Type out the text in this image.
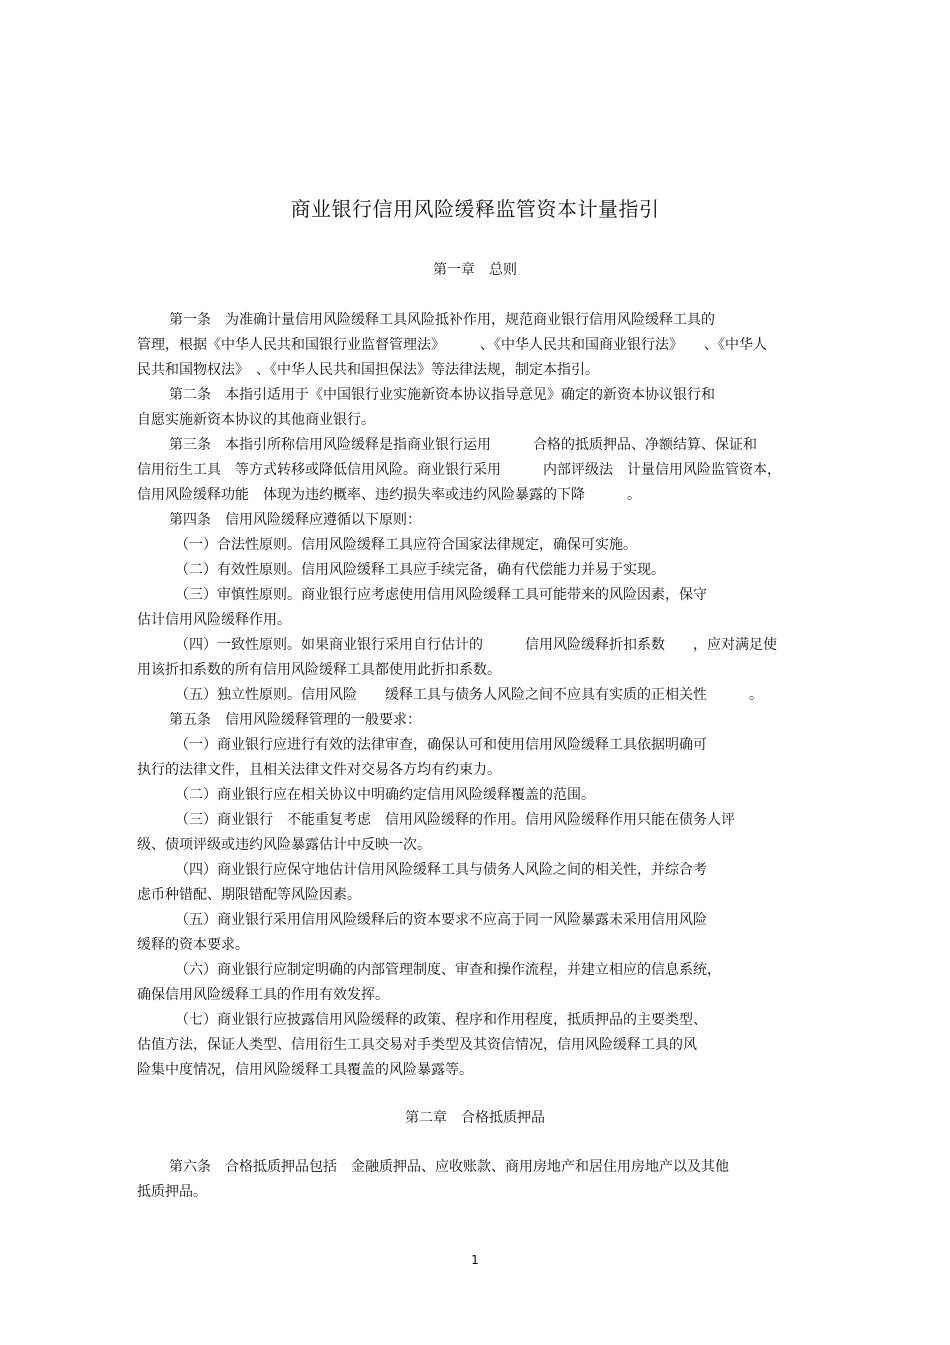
商业银行信用风险缓释监管资本计量指引
第一章 总则
第一条　为准确计量信用风险缓释工具风险抵补作用，规范商业银行信用风险缓释工具的
管理，根据《中华人民共和国银行业监督管理法》　　　、《中华人民共和国商业银行法》　　、《中华人
民共和国物权法》　、《中华人民共和国担保法》等法律法规，制定本指引。
第二条　本指引适用于《中国银行业实施新资本协议指导意见》确定的新资本协议银行和
自愿实施新资本协议的其他商业银行。
第三条　本指引所称信用风险缓释是指商业银行运用　　　合格的抵质押品、净额结算、保证和
信用衍生工具　等方式转移或降低信用风险。商业银行采用　　　内部评级法　计量信用风险监管资本，
信用风险缓释功能　体现为违约概率、违约损失率或违约风险暴露的下降　　　。
第四条　信用风险缓释应遵循以下原则：
（一）合法性原则。信用风险缓释工具应符合国家法律规定，确保可实施。
（二）有效性原则。信用风险缓释工具应手续完备，确有代偿能力并易于实现。
（三）审慎性原则。商业银行应考虑使用信用风险缓释工具可能带来的风险因素，保守
估计信用风险缓释作用。
（四）一致性原则。如果商业银行采用自行估计的　　　信用风险缓释折扣系数　　，应对满足使
用该折扣系数的所有信用风险缓释工具都使用此折扣系数。
（五）独立性原则。信用风险　　缓释工具与债务人风险之间不应具有实质的正相关性　　　。
第五条　信用风险缓释管理的一般要求：
（一）商业银行应进行有效的法律审查，确保认可和使用信用风险缓释工具依据明确可
执行的法律文件，且相关法律文件对交易各方均有约束力。
（二）商业银行应在相关协议中明确约定信用风险缓释覆盖的范围。
（三）商业银行　不能重复考虑　信用风险缓释的作用。信用风险缓释作用只能在债务人评
级、债项评级或违约风险暴露估计中反映一次。
（四）商业银行应保守地估计信用风险缓释工具与债务人风险之间的相关性，并综合考
虑币种错配、期限错配等风险因素。
（五）商业银行采用信用风险缓释后的资本要求不应高于同一风险暴露未采用信用风险
缓释的资本要求。
（六）商业银行应制定明确的内部管理制度、审查和操作流程，并建立相应的信息系统，
确保信用风险缓释工具的作用有效发挥。
（七）商业银行应披露信用风险缓释的政策、程序和作用程度，抵质押品的主要类型、
估值方法，保证人类型、信用衍生工具交易对手类型及其资信情况，信用风险缓释工具的风
险集中度情况，信用风险缓释工具覆盖的风险暴露等。
第二章 合格抵质押品
第六条　合格抵质押品包括　金融质押品、应收账款、商用房地产和居住用房地产以及其他
抵质押品。
1
